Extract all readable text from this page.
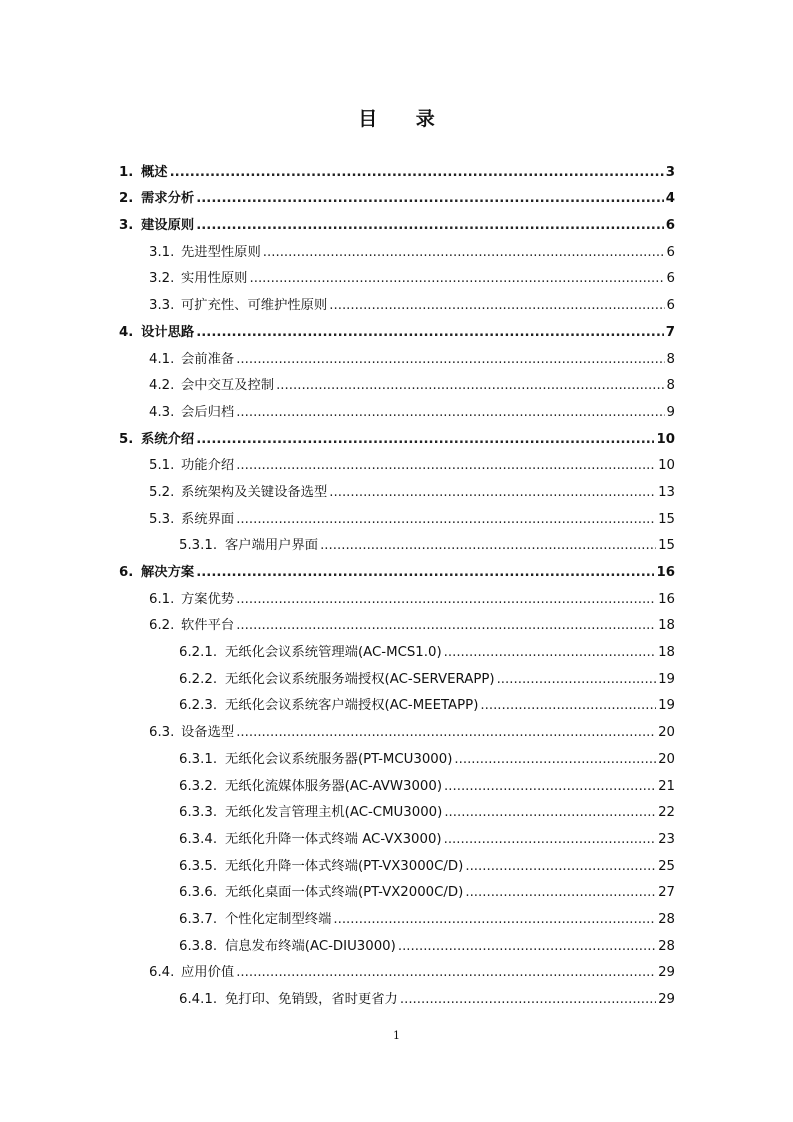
目 录
1. 概述 .....	3
2. 需求分析 .....	4
3. 建设原则 .....	6
3.1. 先进型性原则 .....	6
3.2. 实用性原则 .....	6
3.3. 可扩充性、可维护性原则 .....	6
4. 设计思路 .....	7
4.1. 会前准备 .....	8
4.2. 会中交互及控制 .....	8
4.3. 会后归档 .....	9
5. 系统介绍 .....	10
5.1. 功能介绍 .....	10
5.2. 系统架构及关键设备选型 .....	13
5.3. 系统界面 .....	15
5.3.1. 客户端用户界面 .....	15
6. 解决方案 .....	16
6.1. 方案优势 .....	16
6.2. 软件平台 .....	18
6.2.1. 无纸化会议系统管理端(AC-MCS1.0) .....	18
6.2.2. 无纸化会议系统服务端授权(AC-SERVERAPP) .....	19
6.2.3. 无纸化会议系统客户端授权(AC-MEETAPP) .....	19
6.3. 设备选型 .....	20
6.3.1. 无纸化会议系统服务器(PT-MCU3000) .....	20
6.3.2. 无纸化流媒体服务器(AC-AVW3000) .....	21
6.3.3. 无纸化发言管理主机(AC-CMU3000) .....	22
6.3.4. 无纸化升降一体式终端 AC-VX3000) .....	23
6.3.5. 无纸化升降一体式终端(PT-VX3000C/D) .....	25
6.3.6. 无纸化桌面一体式终端(PT-VX2000C/D) .....	27
6.3.7. 个性化定制型终端 .....	28
6.3.8. 信息发布终端(AC-DIU3000) .....	28
6.4. 应用价值 .....	29
6.4.1. 免打印、免销毁，省时更省力 .....	29
1
